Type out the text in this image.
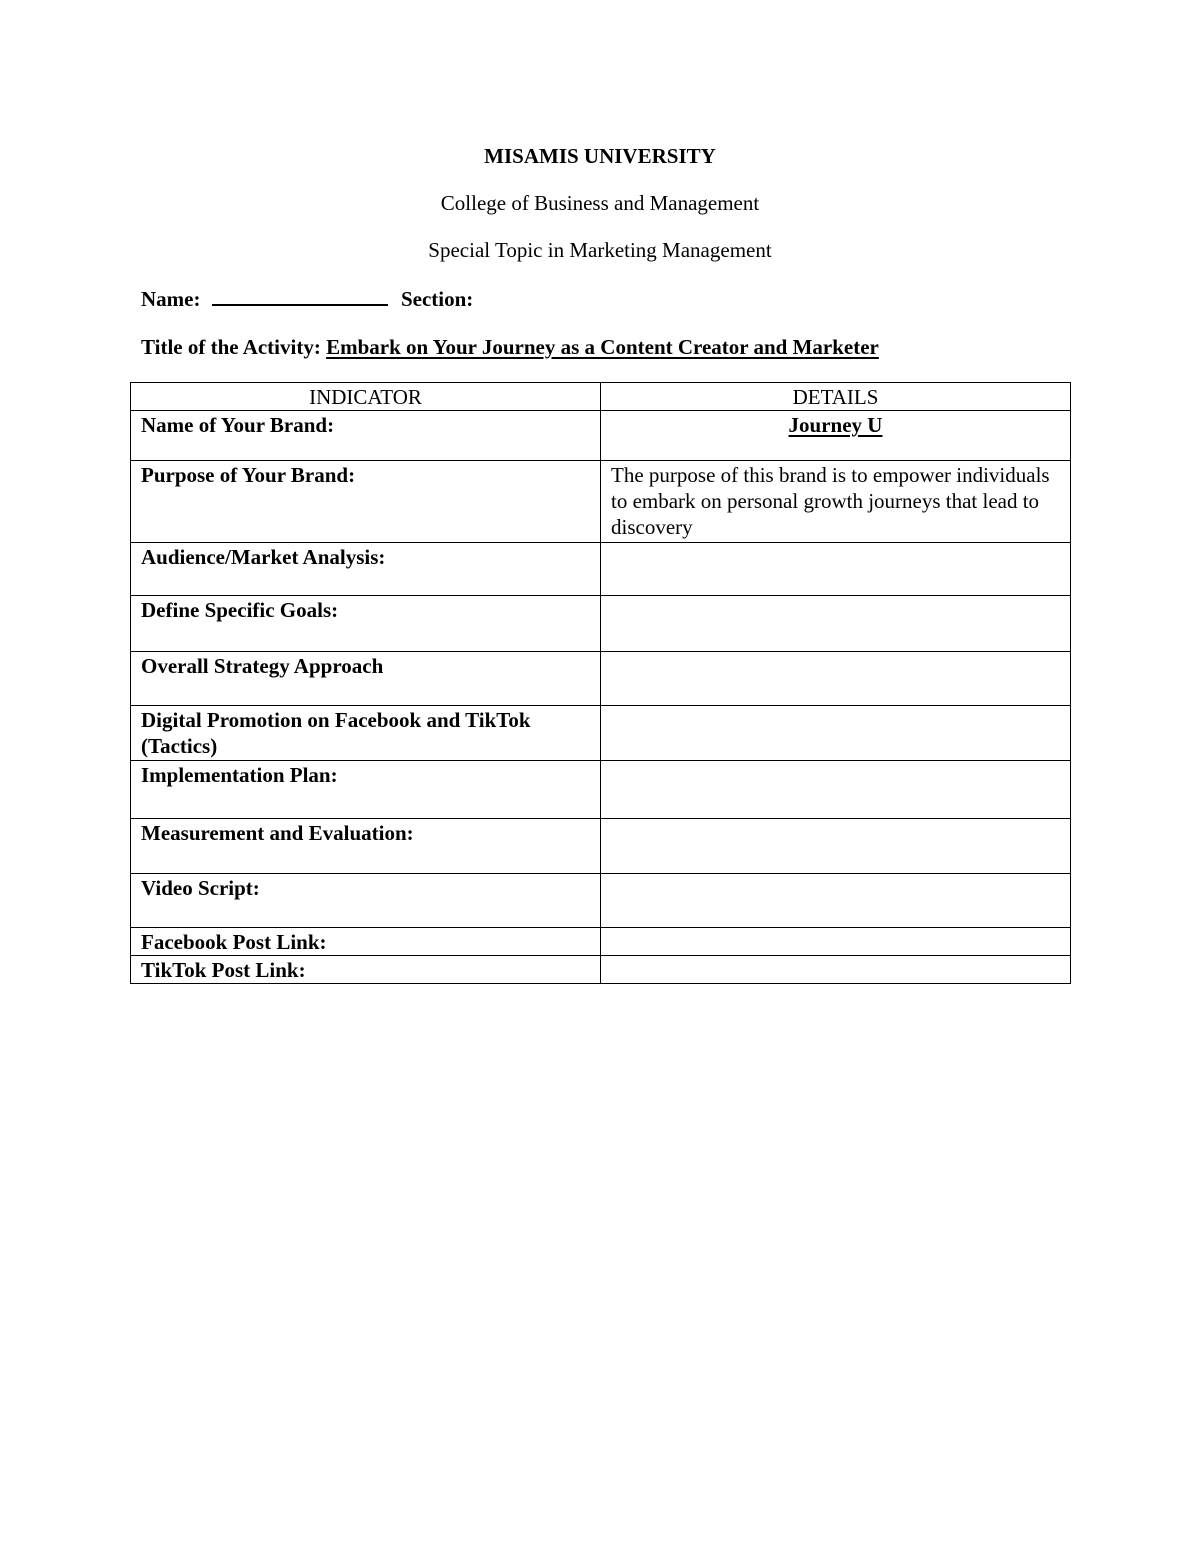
MISAMIS UNIVERSITY
College of Business and Management
Special Topic in Marketing Management
Name:	Section:
Title of the Activity: Embark on Your Journey as a Content Creator and Marketer
INDICATOR	DETAILS
Name of Your Brand:	Journey U
Purpose of Your Brand:	The purpose of this brand is to empower individuals to embark on personal growth journeys that lead to discovery
Audience/Market Analysis:	
Define Specific Goals:	
Overall Strategy Approach	
Digital Promotion on Facebook and TikTok (Tactics)	
Implementation Plan:	
Measurement and Evaluation:	
Video Script:	
Facebook Post Link:	
TikTok Post Link:	
